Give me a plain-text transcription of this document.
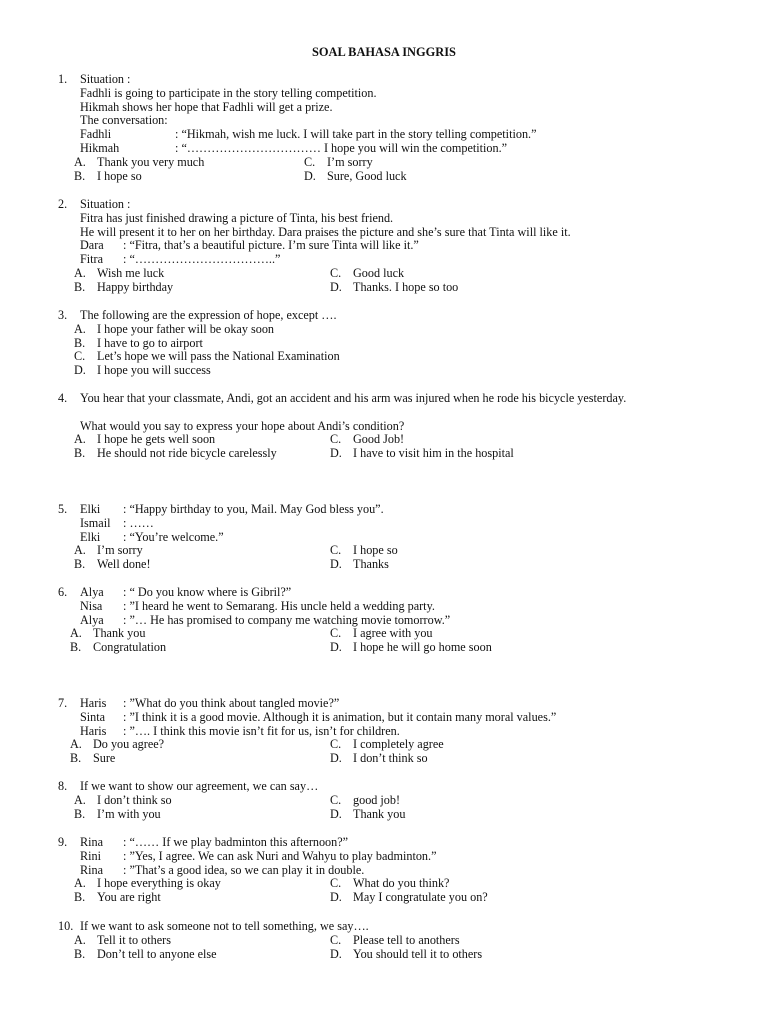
SOAL BAHASA INGGRIS
1. Situation :
Fadhli is going to participate in the story telling competition.
Hikmah shows her hope that Fadhli will get a prize.
The conversation:
Fadhli	: “Hikmah, wish me luck. I will take part in the story telling competition.”
Hikmah	: “…………………………… I hope you will win the competition.”
A. Thank you very much
B. I hope so
C. I’m sorry
D. Sure, Good luck
2. Situation :
Fitra has just finished drawing a picture of Tinta, his best friend.
He will present it to her on her birthday. Dara praises the picture and she’s sure that Tinta will like it.
Dara : “Fitra, that’s a beautiful picture. I’m sure Tinta will like it.”
Fitra : “……………………………..”
A. Wish me luck
B. Happy birthday
C. Good luck
D. Thanks. I hope so too
3. The following are the expression of hope, except ….
A. I hope your father will be okay soon
B. I have to go to airport
C. Let’s hope we will pass the National Examination
D. I hope you will success
4. You hear that your classmate, Andi, got an accident and his arm was injured when he rode his bicycle yesterday.
What would you say to express your hope about Andi’s condition?
A. I hope he gets well soon
B. He should not ride bicycle carelessly
C. Good Job!
D. I have to visit him in the hospital
5. Elki : “Happy birthday to you, Mail. May God bless you”.
Ismail : ……
Elki : “You’re welcome.”
A. I’m sorry
B. Well done!
C. I hope so
D. Thanks
6. Alya : “ Do you know where is Gibril?”
Nisa : ”I heard he went to Semarang. His uncle held a wedding party.
Alya : ”… He has promised to company me watching movie tomorrow.”
A. Thank you
B. Congratulation
C. I agree with you
D. I hope he will go home soon
7. Haris : ”What do you think about tangled movie?”
Sinta : ”I think it is a good movie. Although it is animation, but it contain many moral values.”
Haris : ”…. I think this movie isn’t fit for us, isn’t for children.
A. Do you agree?
B. Sure
C. I completely agree
D. I don’t think so
8. If we want to show our agreement, we can say…
A. I don’t think so
B. I’m with you
C. good job!
D. Thank you
9. Rina : “…… If we play badminton this afternoon?”
Rini : ”Yes, I agree. We can ask Nuri and Wahyu to play badminton.”
Rina : ”That’s a good idea, so we can play it in double.
A. I hope everything is okay
B. You are right
C. What do you think?
D. May I congratulate you on?
10. If we want to ask someone not to tell something, we say….
A. Tell it to others
B. Don’t tell to anyone else
C. Please tell to anothers
D. You should tell it to others
